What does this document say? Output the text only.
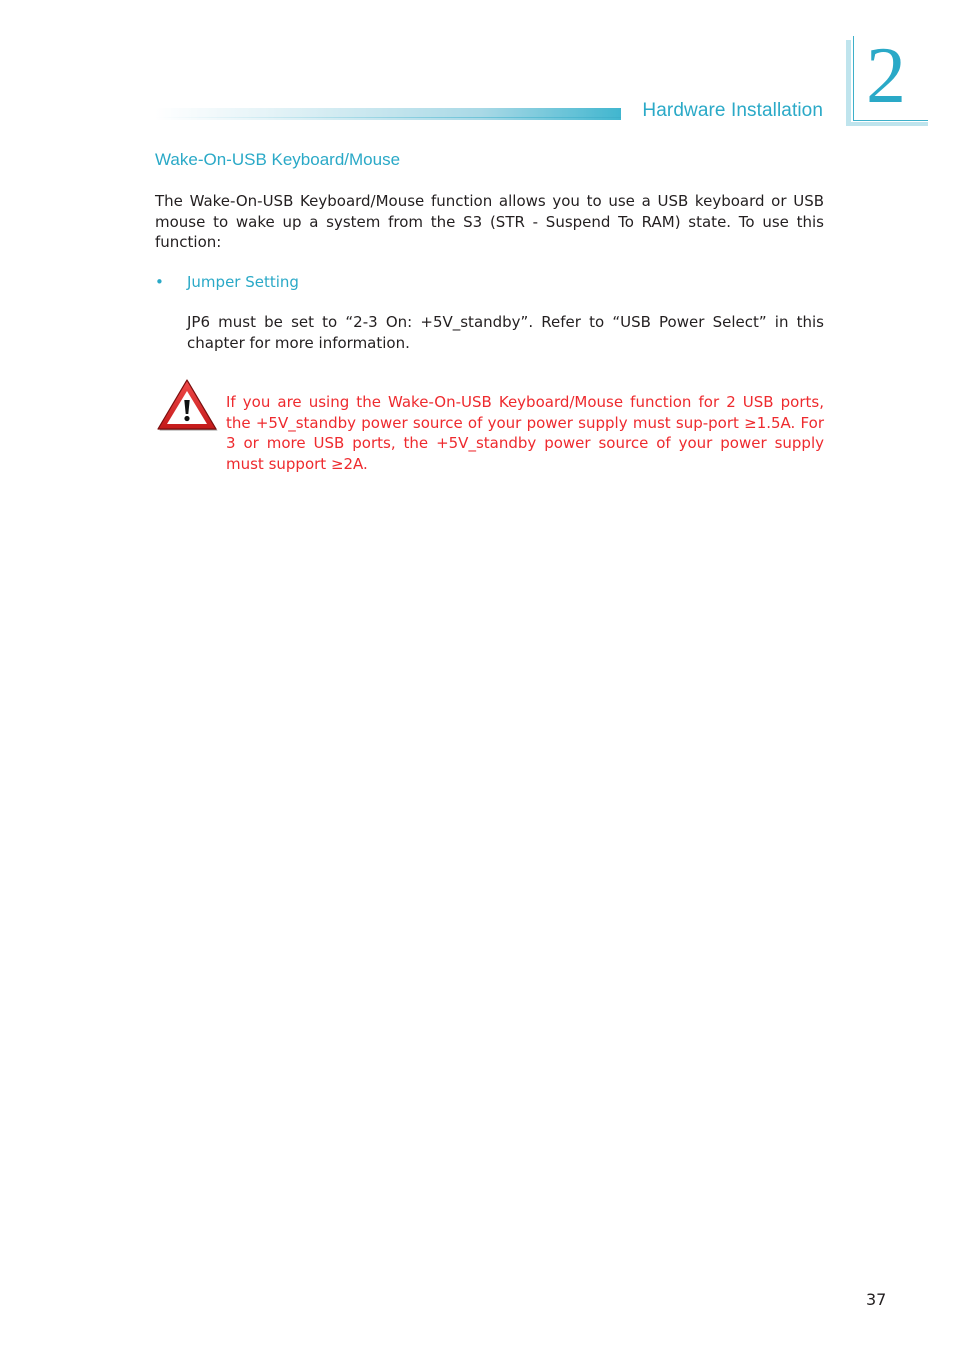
Hardware Installation 2
Wake-On-USB Keyboard/Mouse

The Wake-On-USB Keyboard/Mouse function allows you to use a USB keyboard or USB mouse to wake up a system from the S3 (STR - Suspend To RAM) state. To use this function:

• Jumper Setting

JP6 must be set to “2-3 On: +5V_standby”. Refer to “USB Power Select” in this chapter for more information.

If you are using the Wake-On-USB Keyboard/Mouse function for 2 USB ports, the +5V_standby power source of your power supply must sup-port ≥1.5A. For 3 or more USB ports, the +5V_standby power source of your power supply must support ≥2A.

37
